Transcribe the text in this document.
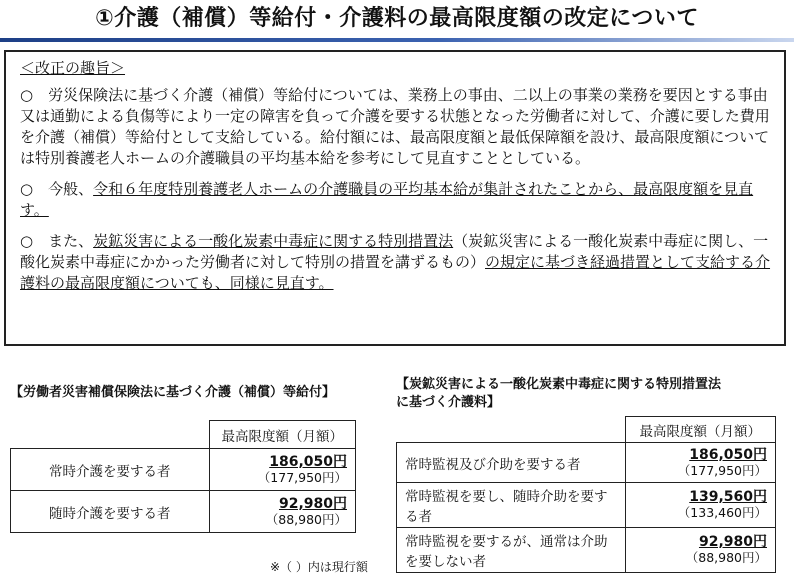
①介護（補償）等給付・介護料の最高限度額の改定について
＜改正の趣旨＞

○　労災保険法に基づく介護（補償）等給付については、業務上の事由、二以上の事業の業務を要因とする事由又は通勤による負傷等により一定の障害を負って介護を要する状態となった労働者に対して、介護に要した費用を介護（補償）等給付として支給している。給付額には、最高限度額と最低保障額を設け、最高限度額については特別養護老人ホームの介護職員の平均基本給を参考にして見直すこととしている。

○　今般、令和６年度特別養護老人ホームの介護職員の平均基本給が集計されたことから、最高限度額を見直す。

○　また、炭鉱災害による一酸化炭素中毒症に関する特別措置法（炭鉱災害による一酸化炭素中毒症に関し、一酸化炭素中毒症にかかった労働者に対して特別の措置を講ずるもの）の規定に基づき経過措置として支給する介護料の最高限度額についても、同様に見直す。

【労働者災害補償保険法に基づく介護（補償）等給付】
	最高限度額（月額）
常時介護を要する者	186,050円
（177,950円）

随時介護を要する者	92,980円
（88,980円）
※（ ）内は現行額
【炭鉱災害による一酸化炭素中毒症に関する特別措置法
に基づく介護料】
	最高限度額（月額）
常時監視及び介助を要する者	186,050円
（177,950円）

常時監視を要し、随時介助を要する者	139,560円
（133,460円）

常時監視を要するが、通常は介助を要しない者	92,980円
（88,980円）
